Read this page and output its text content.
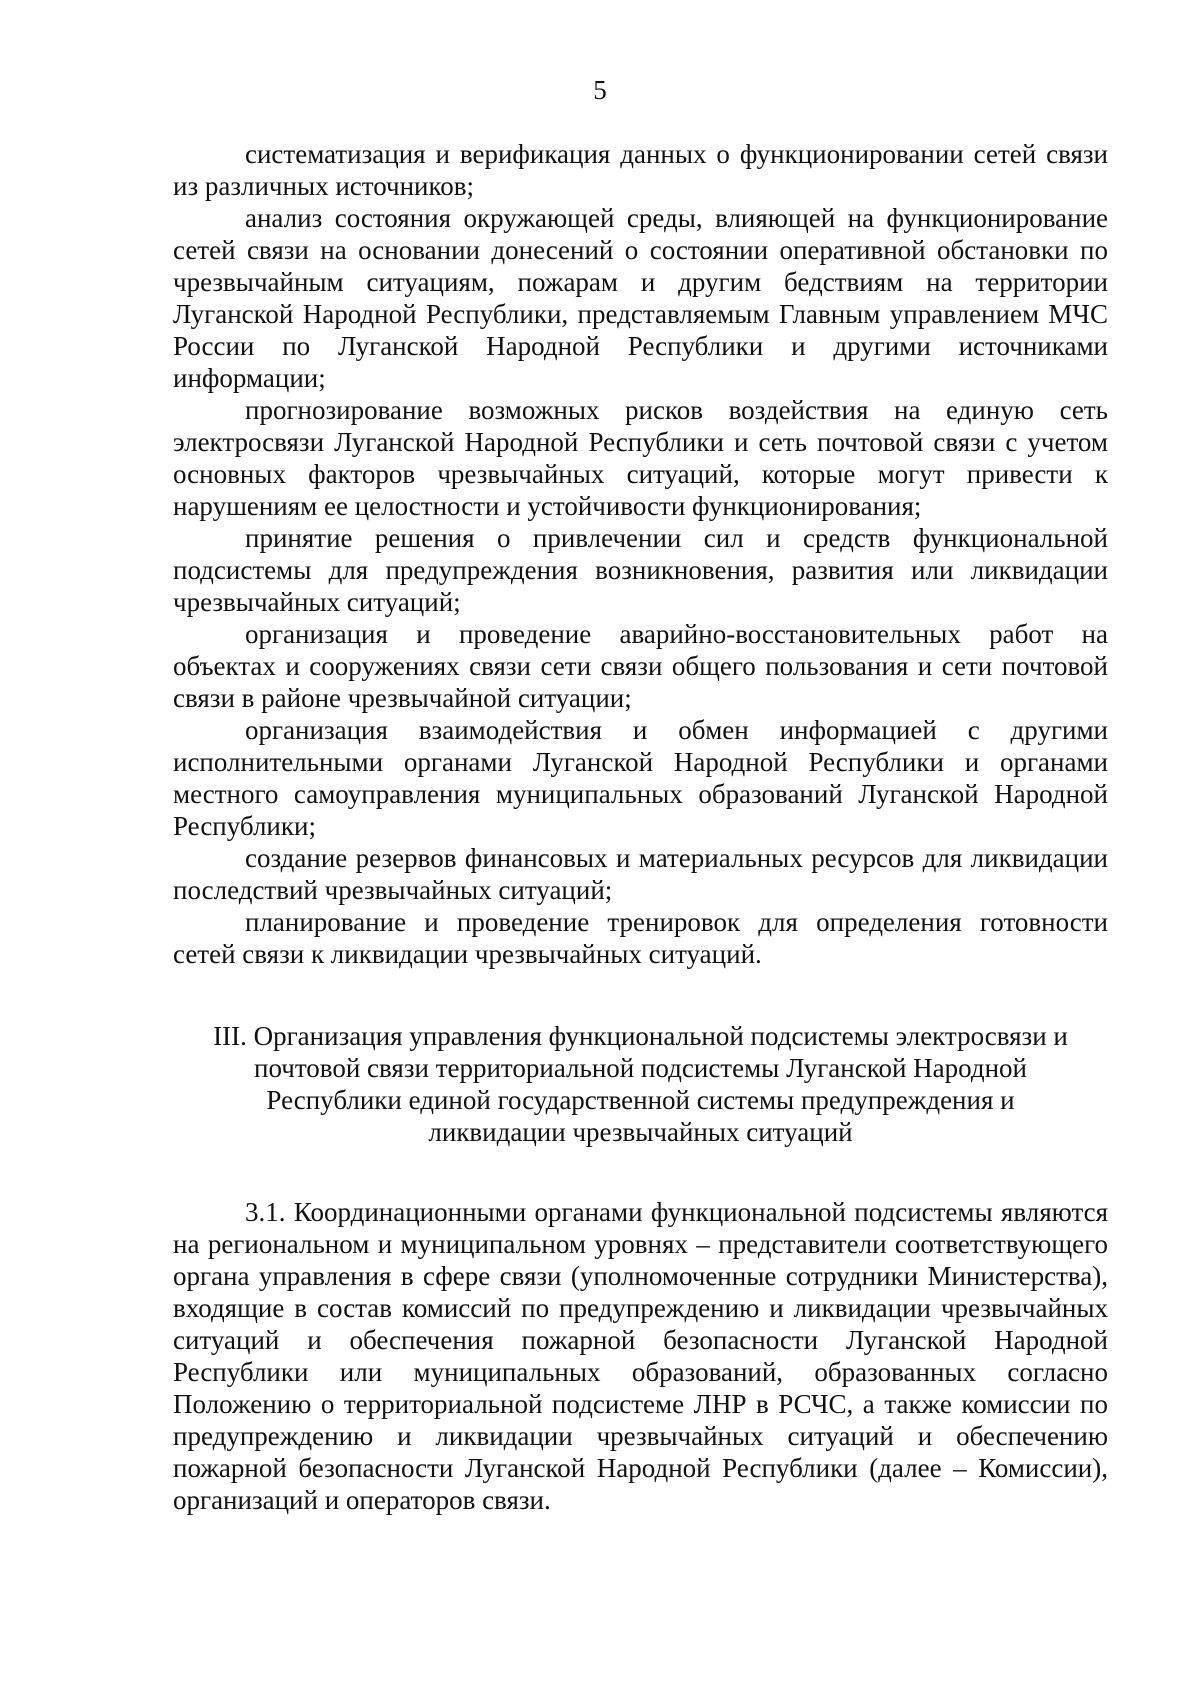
5

систематизация и верификация данных о функционировании сетей связи из различных источников;

анализ состояния окружающей среды, влияющей на функционирование сетей связи на основании донесений о состоянии оперативной обстановки по чрезвычайным ситуациям, пожарам и другим бедствиям на территории Луганской Народной Республики, представляемым Главным управлением МЧС России по Луганской Народной Республики и другими источниками информации;

прогнозирование возможных рисков воздействия на единую сеть электросвязи Луганской Народной Республики и сеть почтовой связи с учетом основных факторов чрезвычайных ситуаций, которые могут привести к нарушениям ее целостности и устойчивости функционирования;

принятие решения о привлечении сил и средств функциональной подсистемы для предупреждения возникновения, развития или ликвидации чрезвычайных ситуаций;

организация и проведение аварийно-восстановительных работ на объектах и сооружениях связи сети связи общего пользования и сети почтовой связи в районе чрезвычайной ситуации;

организация взаимодействия и обмен информацией с другими исполнительными органами Луганской Народной Республики и органами местного самоуправления муниципальных образований Луганской Народной Республики;

создание резервов финансовых и материальных ресурсов для ликвидации последствий чрезвычайных ситуаций;

планирование и проведение тренировок для определения готовности сетей связи к ликвидации чрезвычайных ситуаций.

III. Организация управления функциональной подсистемы электросвязи и почтовой связи территориальной подсистемы Луганской Народной Республики единой государственной системы предупреждения и ликвидации чрезвычайных ситуаций

3.1. Координационными органами функциональной подсистемы являются на региональном и муниципальном уровнях – представители соответствующего органа управления в сфере связи (уполномоченные сотрудники Министерства), входящие в состав комиссий по предупреждению и ликвидации чрезвычайных ситуаций и обеспечения пожарной безопасности Луганской Народной Республики или муниципальных образований, образованных согласно Положению о территориальной подсистеме ЛНР в РСЧС, а также комиссии по предупреждению и ликвидации чрезвычайных ситуаций и обеспечению пожарной безопасности Луганской Народной Республики (далее – Комиссии), организаций и операторов связи.
